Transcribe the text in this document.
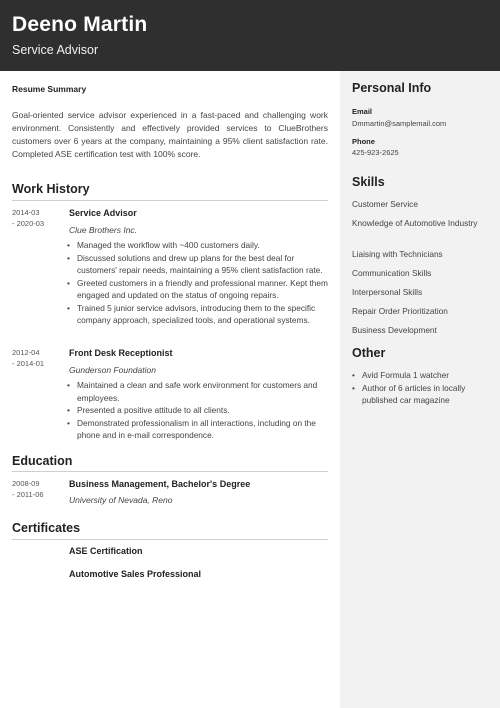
Deeno Martin
Service Advisor
Personal Info
Email
Dmmartin@samplemail.com
Phone
425-923-2625
Skills
Customer Service
Knowledge of Automotive Industry
Liaising with Technicians
Communication Skills
Interpersonal Skills
Repair Order Prioritization
Business Development
Other
• Avid Formula 1 watcher
• Author of 6 articles in locally published car magazine
Resume Summary
Goal-oriented service advisor experienced in a fast-paced and challenging work environment. Consistently and effectively provided services to ClueBrothers customers over 6 years at the company, maintaining a 95% client satisfaction rate. Completed ASE certification test with 100% score.
Work History
2014-03
- 2020-03
Service Advisor
Clue Brothers Inc.
• Managed the workflow with ~400 customers daily.
• Discussed solutions and drew up plans for the best deal for customers' repair needs, maintaining a 95% client satisfaction rate.
• Greeted customers in a friendly and professional manner. Kept them engaged and updated on the status of ongoing repairs.
• Trained 5 junior service advisors, introducing them to the specific company approach, specialized tools, and operational systems.
2012-04
- 2014-01
Front Desk Receptionist
Gunderson Foundation
• Maintained a clean and safe work environment for customers and employees.
• Presented a positive attitude to all clients.
• Demonstrated professionalism in all interactions, including on the phone and in e-mail correspondence.
Education
2008-09
- 2011-06
Business Management, Bachelor's Degree
University of Nevada, Reno
Certificates
ASE Certification
Automotive Sales Professional
